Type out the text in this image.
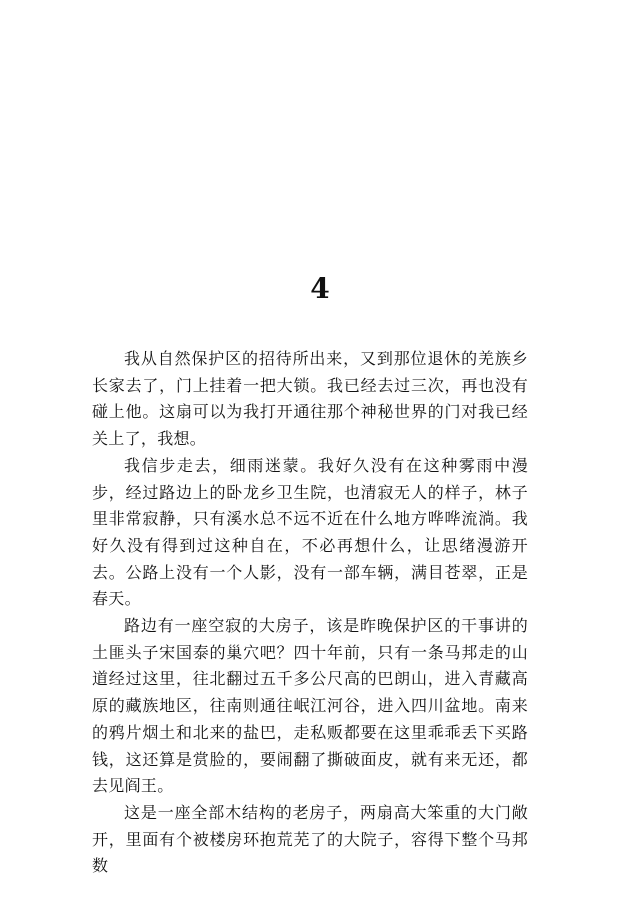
4

我从自然保护区的招待所出来，又到那位退休的羌族乡长家去了，门上挂着一把大锁。我已经去过三次，再也没有碰上他。这扇可以为我打开通往那个神秘世界的门对我已经关上了，我想。

我信步走去，细雨迷蒙。我好久没有在这种雾雨中漫步，经过路边上的卧龙乡卫生院，也清寂无人的样子，林子里非常寂静，只有溪水总不远不近在什么地方哗哗流淌。我好久没有得到过这种自在，不必再想什么，让思绪漫游开去。公路上没有一个人影，没有一部车辆，满目苍翠，正是春天。

路边有一座空寂的大房子，该是昨晚保护区的干事讲的土匪头子宋国泰的巢穴吧？四十年前，只有一条马邦走的山道经过这里，往北翻过五千多公尺高的巴朗山，进入青藏高原的藏族地区，往南则通往岷江河谷，进入四川盆地。南来的鸦片烟土和北来的盐巴，走私贩都要在这里乖乖丢下买路钱，这还算是赏脸的，要闹翻了撕破面皮，就有来无还，都去见阎王。

这是一座全部木结构的老房子，两扇高大笨重的大门敞开，里面有个被楼房环抱荒芜了的大院子，容得下整个马邦数
